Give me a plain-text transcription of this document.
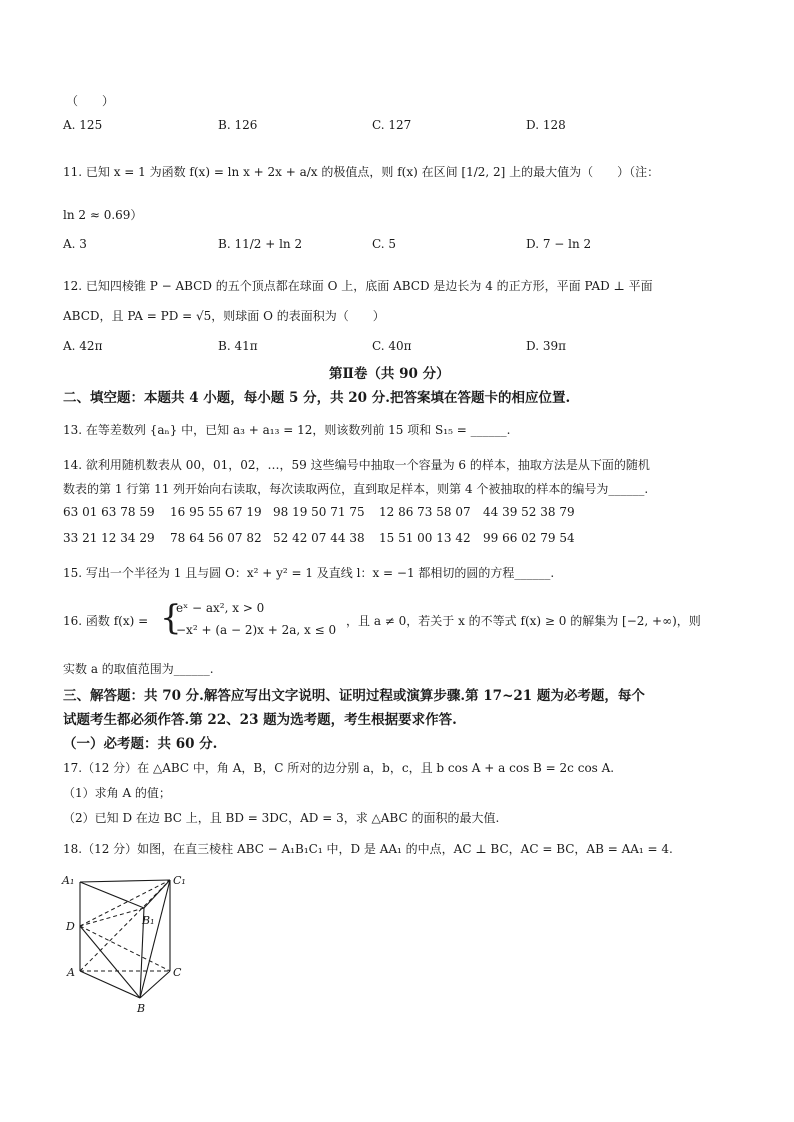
（　　）
A. 125	B. 126	C. 127	D. 128
11. 已知 x = 1 为函数 f(x) = ln x + 2x + a/x 的极值点，则 f(x) 在区间 [1/2, 2] 上的最大值为（　　）（注：
ln 2 ≈ 0.69）
A. 3	B. 11/2 + ln 2	C. 5	D. 7 − ln 2
12. 已知四棱锥 P − ABCD 的五个顶点都在球面 O 上，底面 ABCD 是边长为 4 的正方形，平面 PAD ⊥ 平面
ABCD，且 PA = PD = √5，则球面 O 的表面积为（　　）
A. 42π	B. 41π	C. 40π	D. 39π
第Ⅱ卷（共 90 分）
二、填空题：本题共 4 小题，每小题 5 分，共 20 分.把答案填在答题卡的相应位置.
13. 在等差数列 {aₙ} 中，已知 a₃ + a₁₃ = 12，则该数列前 15 项和 S₁₅ = ______.
14. 欲利用随机数表从 00，01，02，…，59 这些编号中抽取一个容量为 6 的样本，抽取方法是从下面的随机
数表的第 1 行第 11 列开始向右读取，每次读取两位，直到取足样本，则第 4 个被抽取的样本的编号为______.
63 01 63 78 59 16 95 55 67 19 98 19 50 71 75 12 86 73 58 07 44 39 52 38 79
33 21 12 34 29 78 64 56 07 82 52 42 07 44 38 15 51 00 13 42 99 66 02 79 54
15. 写出一个半径为 1 且与圆 O：x² + y² = 1 及直线 l：x = −1 都相切的圆的方程______.
16. 函数 f(x) = {
eˣ − ax², x > 0
−x² + (a − 2)x + 2a, x ≤ 0
，且 a ≠ 0，若关于 x 的不等式 f(x) ≥ 0 的解集为 [−2, +∞)，则
实数 a 的取值范围为______.
三、解答题：共 70 分.解答应写出文字说明、证明过程或演算步骤.第 17~21 题为必考题，每个
试题考生都必须作答.第 22、23 题为选考题，考生根据要求作答.
（一）必考题：共 60 分.
17.（12 分）在 △ABC 中，角 A，B，C 所对的边分别 a，b，c，且 b cos A + a cos B = 2c cos A.
（1）求角 A 的值；
（2）已知 D 在边 BC 上，且 BD = 3DC，AD = 3，求 △ABC 的面积的最大值.
18.（12 分）如图，在直三棱柱 ABC − A₁B₁C₁ 中，D 是 AA₁ 的中点，AC ⊥ BC，AC = BC，AB = AA₁ = 4.
A₁	C₁
B₁
D
A	C
B
